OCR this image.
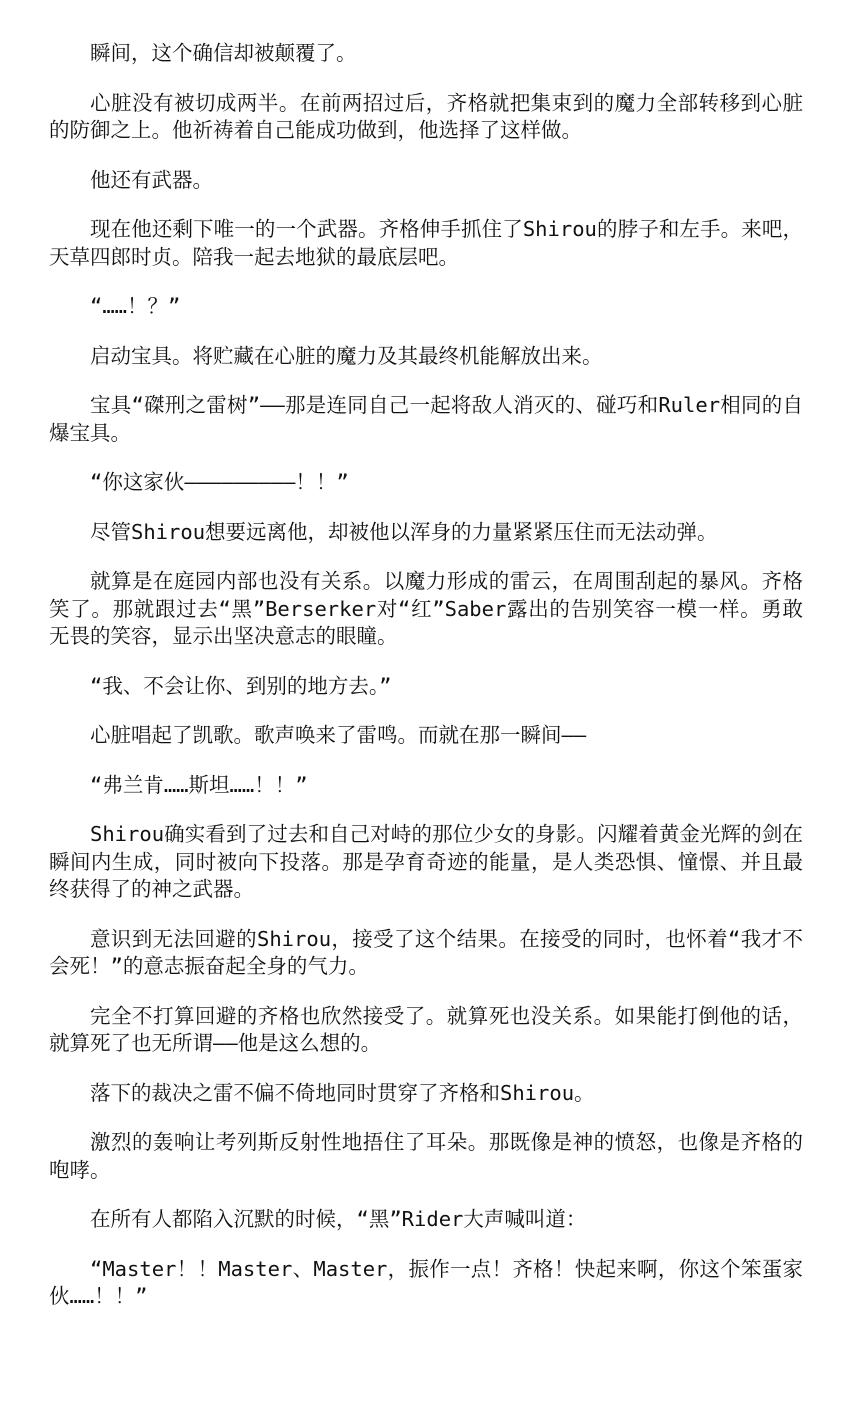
瞬间，这个确信却被颠覆了。

心脏没有被切成两半。在前两招过后，齐格就把集束到的魔力全部转移到心脏的防御之上。他祈祷着自己能成功做到，他选择了这样做。

他还有武器。

现在他还剩下唯一的一个武器。齐格伸手抓住了Shirou的脖子和左手。来吧，天草四郎时贞。陪我一起去地狱的最底层吧。

“……！？”

启动宝具。将贮藏在心脏的魔力及其最终机能解放出来。

宝具“磔刑之雷树”——那是连同自己一起将敌人消灭的、碰巧和Ruler相同的自爆宝具。

“你这家伙—————————！！”

尽管Shirou想要远离他，却被他以浑身的力量紧紧压住而无法动弹。

就算是在庭园内部也没有关系。以魔力形成的雷云，在周围刮起的暴风。齐格笑了。那就跟过去“黑”Berserker对“红”Saber露出的告别笑容一模一样。勇敢无畏的笑容，显示出坚决意志的眼瞳。

“我、不会让你、到别的地方去。”

心脏唱起了凯歌。歌声唤来了雷鸣。而就在那一瞬间——

“弗兰肯……斯坦……！！”

Shirou确实看到了过去和自己对峙的那位少女的身影。闪耀着黄金光辉的剑在瞬间内生成，同时被向下投落。那是孕育奇迹的能量，是人类恐惧、憧憬、并且最终获得了的神之武器。

意识到无法回避的Shirou，接受了这个结果。在接受的同时，也怀着“我才不会死！”的意志振奋起全身的气力。

完全不打算回避的齐格也欣然接受了。就算死也没关系。如果能打倒他的话，就算死了也无所谓——他是这么想的。

落下的裁决之雷不偏不倚地同时贯穿了齐格和Shirou。

激烈的轰响让考列斯反射性地捂住了耳朵。那既像是神的愤怒，也像是齐格的咆哮。

在所有人都陷入沉默的时候，“黑”Rider大声喊叫道：

“Master！！Master、Master，振作一点！齐格！快起来啊，你这个笨蛋家伙……！！”
